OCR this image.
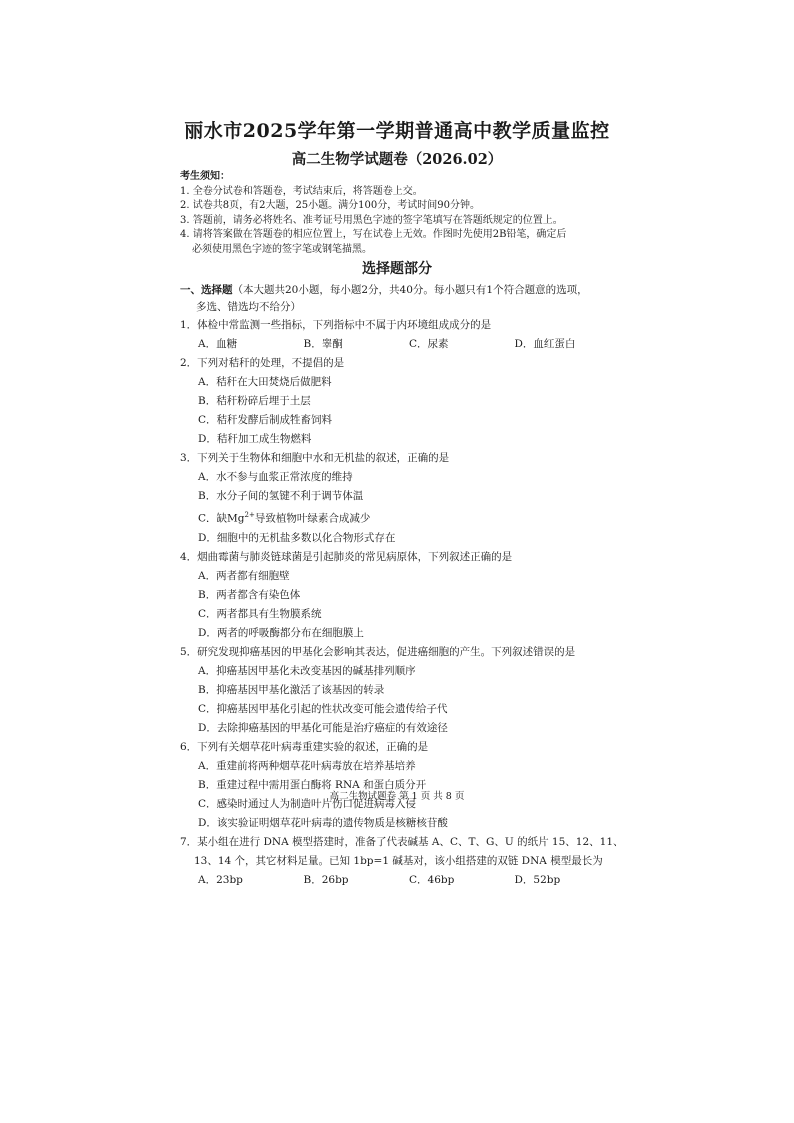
丽水市2025学年第一学期普通高中教学质量监控
高二生物学试题卷（2026.02）
考生须知：
1. 全卷分试卷和答题卷，考试结束后，将答题卷上交。
2. 试卷共8页，有2大题，25小题。满分100分，考试时间90分钟。
3. 答题前，请务必将姓名、准考证号用黑色字迹的签字笔填写在答题纸规定的位置上。
4. 请将答案做在答题卷的相应位置上，写在试卷上无效。作图时先使用2B铅笔，确定后
必须使用黑色字迹的签字笔或钢笔描黑。
选择题部分
一、选择题（本大题共20小题，每小题2分，共40分。每小题只有1个符合题意的选项，
多选、错选均不给分）
1．体检中常监测一些指标，下列指标中不属于内环境组成成分的是
A．血糖	B．睾酮	C．尿素	D．血红蛋白
2．下列对秸秆的处理，不提倡的是
A．秸秆在大田焚烧后做肥料
B．秸秆粉碎后埋于土层
C．秸秆发酵后制成牲畜饲料
D．秸秆加工成生物燃料
3．下列关于生物体和细胞中水和无机盐的叙述，正确的是
A．水不参与血浆正常浓度的维持
B．水分子间的氢键不利于调节体温
C．缺$Mg^{2+}$导致植物叶绿素合成减少
D．细胞中的无机盐多数以化合物形式存在
4．烟曲霉菌与肺炎链球菌是引起肺炎的常见病原体，下列叙述正确的是
A．两者都有细胞壁
B．两者都含有染色体
C．两者都具有生物膜系统
D．两者的呼吸酶都分布在细胞膜上
5．研究发现抑癌基因的甲基化会影响其表达，促进癌细胞的产生。下列叙述错误的是
A．抑癌基因甲基化未改变基因的碱基排列顺序
B．抑癌基因甲基化激活了该基因的转录
C．抑癌基因甲基化引起的性状改变可能会遗传给子代
D．去除抑癌基因的甲基化可能是治疗癌症的有效途径
6．下列有关烟草花叶病毒重建实验的叙述，正确的是
A．重建前将两种烟草花叶病毒放在培养基培养
B．重建过程中需用蛋白酶将 RNA 和蛋白质分开
C．感染时通过人为制造叶片伤口促进病毒入侵
D．该实验证明烟草花叶病毒的遗传物质是核糖核苷酸
7．某小组在进行 DNA 模型搭建时，准备了代表碱基 A、C、T、G、U 的纸片 15、12、11、
13、14 个，其它材料足量。已知 1bp=1 碱基对，该小组搭建的双链 DNA 模型最长为
A．23bp	B．26bp	C．46bp	D．52bp
高二生物试题卷 第 1 页 共 8 页
